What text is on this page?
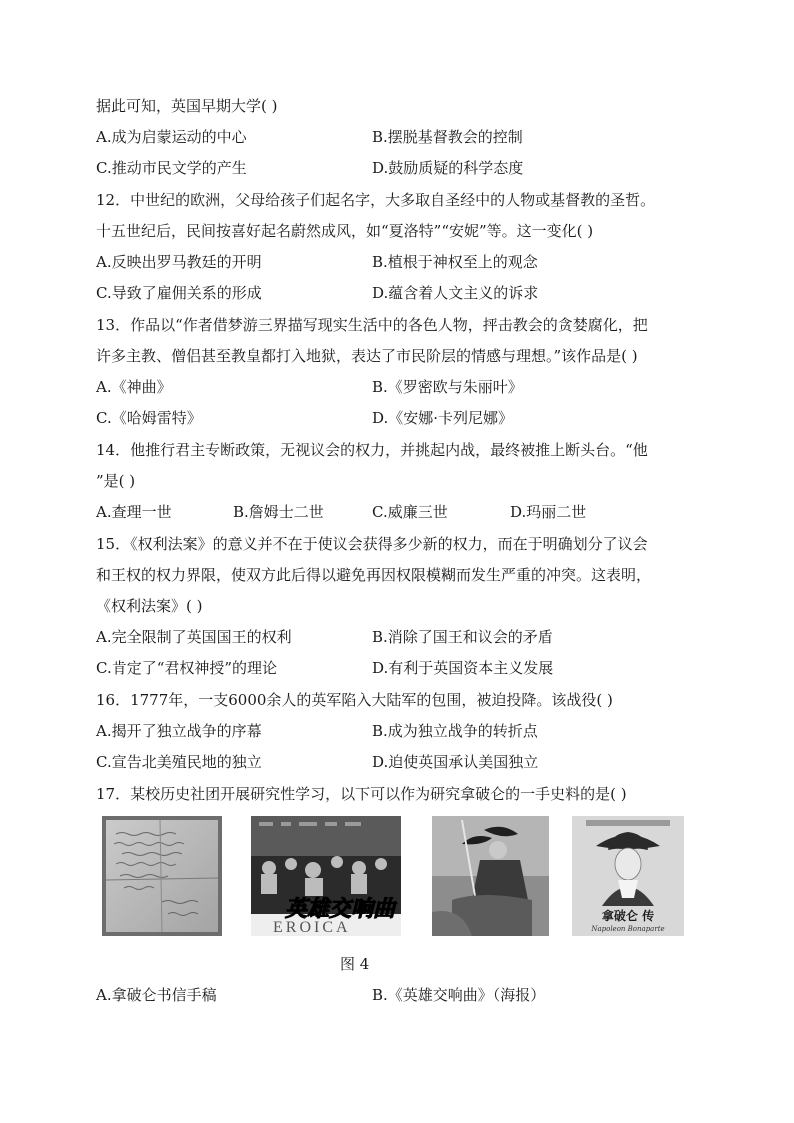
据此可知，英国早期大学( )
A.成为启蒙运动的中心	B.摆脱基督教会的控制
C.推动市民文学的产生	D.鼓励质疑的科学态度
12．中世纪的欧洲，父母给孩子们起名字，大多取自圣经中的人物或基督教的圣哲。
十五世纪后，民间按喜好起名蔚然成风，如“夏洛特”“安妮”等。这一变化( )
A.反映出罗马教廷的开明	B.植根于神权至上的观念
C.导致了雇佣关系的形成	D.蕴含着人文主义的诉求
13．作品以“作者借梦游三界描写现实生活中的各色人物，抨击教会的贪婪腐化，把
许多主教、僧侣甚至教皇都打入地狱，表达了市民阶层的情感与理想。”该作品是( )
A.《神曲》	B.《罗密欧与朱丽叶》
C.《哈姆雷特》	D.《安娜·卡列尼娜》
14．他推行君主专断政策，无视议会的权力，并挑起内战，最终被推上断头台。“他
”是( )
A.查理一世	B.詹姆士二世	C.威廉三世	D.玛丽二世
15．《权利法案》的意义并不在于使议会获得多少新的权力，而在于明确划分了议会
和王权的权力界限，使双方此后得以避免再因权限模糊而发生严重的冲突。这表明，
《权利法案》( )
A.完全限制了英国国王的权利	B.消除了国王和议会的矛盾
C.肯定了“君权神授”的理论	D.有利于英国资本主义发展
16．1777年，一支6000余人的英军陷入大陆军的包围，被迫投降。该战役( )
A.揭开了独立战争的序幕	B.成为独立战争的转折点
C.宣告北美殖民地的独立	D.迫使英国承认美国独立
17．某校历史社团开展研究性学习，以下可以作为研究拿破仑的一手史料的是( )
EROICA
英雄交响曲	拿破仑 传
Napoleon Bonaparte
图 4
A.拿破仑书信手稿	B.《英雄交响曲》（海报）
